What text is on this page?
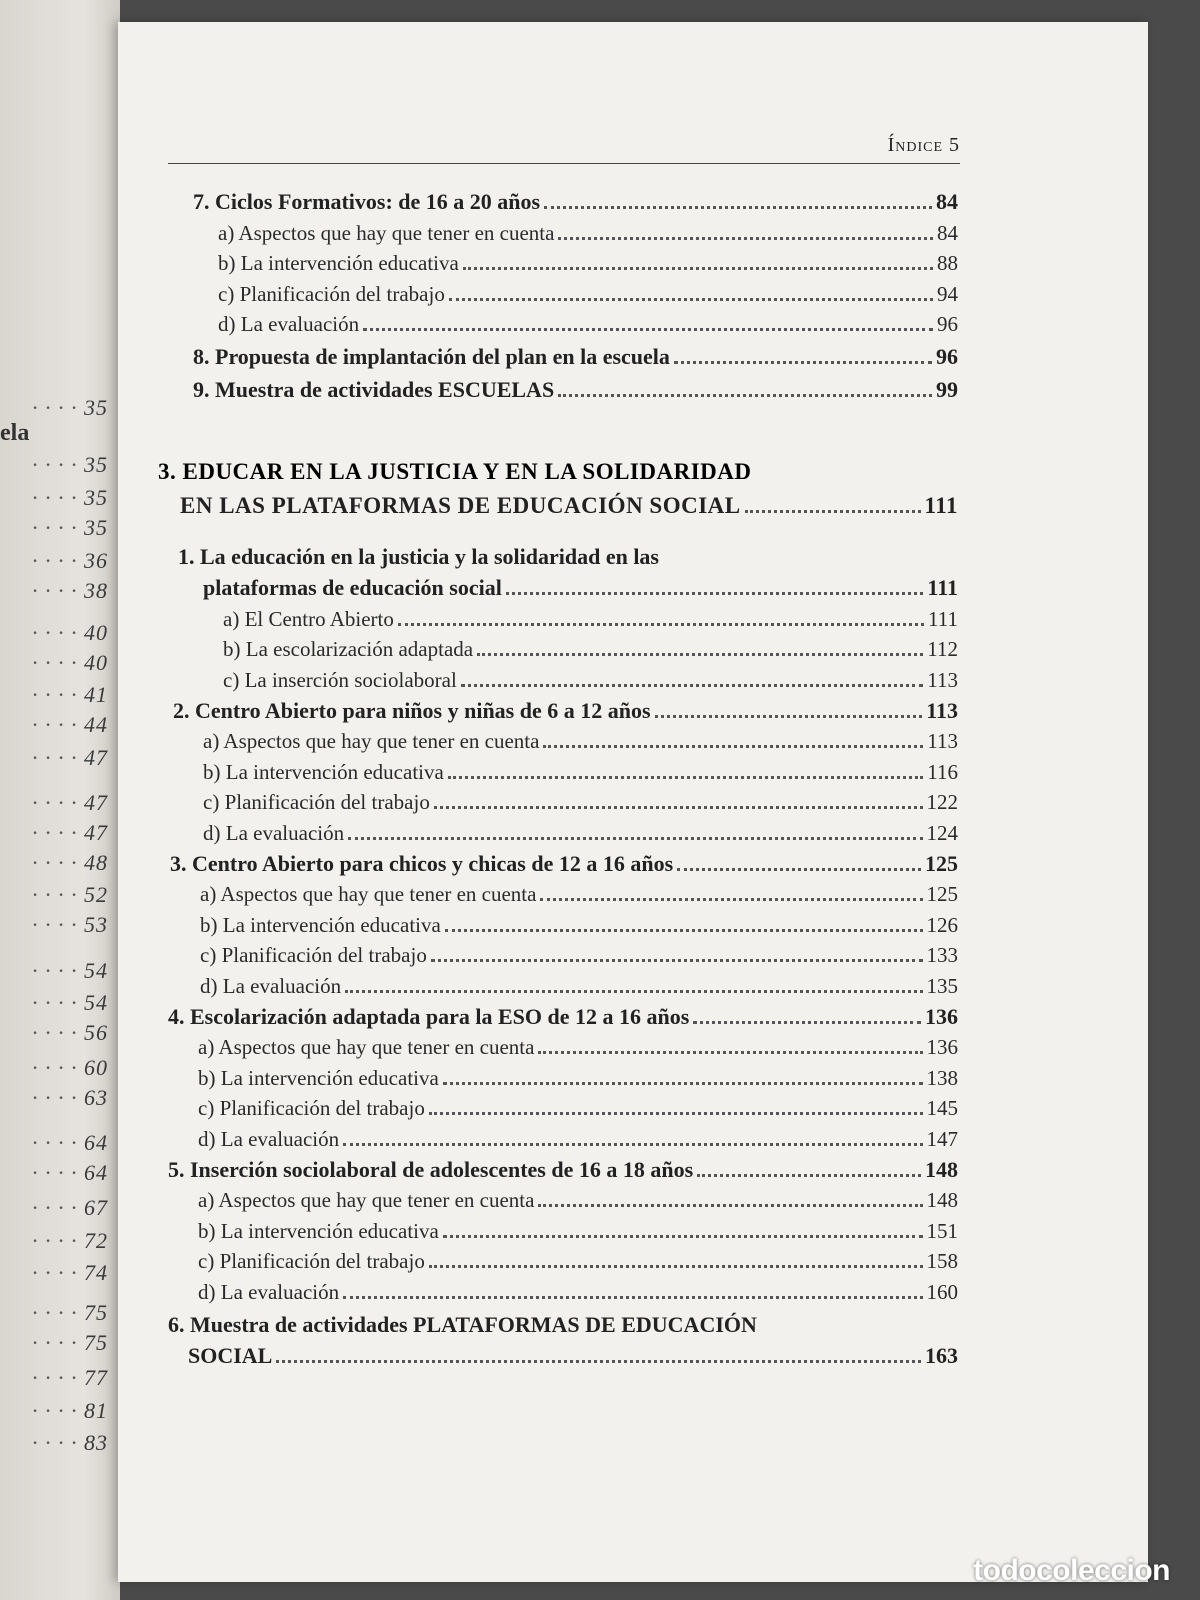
ela
· · 35
· · 35
· · 35
· · 35
· · 36
· · 38
· · 40
· · 40
· · 41
· · 44
· · 47
· · 47
· · 47
· · 48
· · 52
· · 53
· · 54
· · 54
· · 56
· · 60
· · 63
· · 64
· · 64
· · 67
· · 72
· · 74
· · 75
· · 75
· · 77
· · 81
· · 83
Índice 5
7. Ciclos Formativos: de 16 a 20 años	84
a) Aspectos que hay que tener en cuenta	84
b) La intervención educativa	88
c) Planificación del trabajo	94
d) La evaluación	96
8. Propuesta de implantación del plan en la escuela	96
9. Muestra de actividades ESCUELAS	99
3. EDUCAR EN LA JUSTICIA Y EN LA SOLIDARIDAD
EN LAS PLATAFORMAS DE EDUCACIÓN SOCIAL	111
1. La educación en la justicia y la solidaridad en las
plataformas de educación social	111
a) El Centro Abierto	111
b) La escolarización adaptada	112
c) La inserción sociolaboral	113
2. Centro Abierto para niños y niñas de 6 a 12 años	113
a) Aspectos que hay que tener en cuenta	113
b) La intervención educativa	116
c) Planificación del trabajo	122
d) La evaluación	124
3. Centro Abierto para chicos y chicas de 12 a 16 años	125
a) Aspectos que hay que tener en cuenta	125
b) La intervención educativa	126
c) Planificación del trabajo	133
d) La evaluación	135
4. Escolarización adaptada para la ESO de 12 a 16 años	136
a) Aspectos que hay que tener en cuenta	136
b) La intervención educativa	138
c) Planificación del trabajo	145
d) La evaluación	147
5. Inserción sociolaboral de adolescentes de 16 a 18 años	148
a) Aspectos que hay que tener en cuenta	148
b) La intervención educativa	151
c) Planificación del trabajo	158
d) La evaluación	160
6. Muestra de actividades PLATAFORMAS DE EDUCACIÓN
SOCIAL	163
todocoleccion
